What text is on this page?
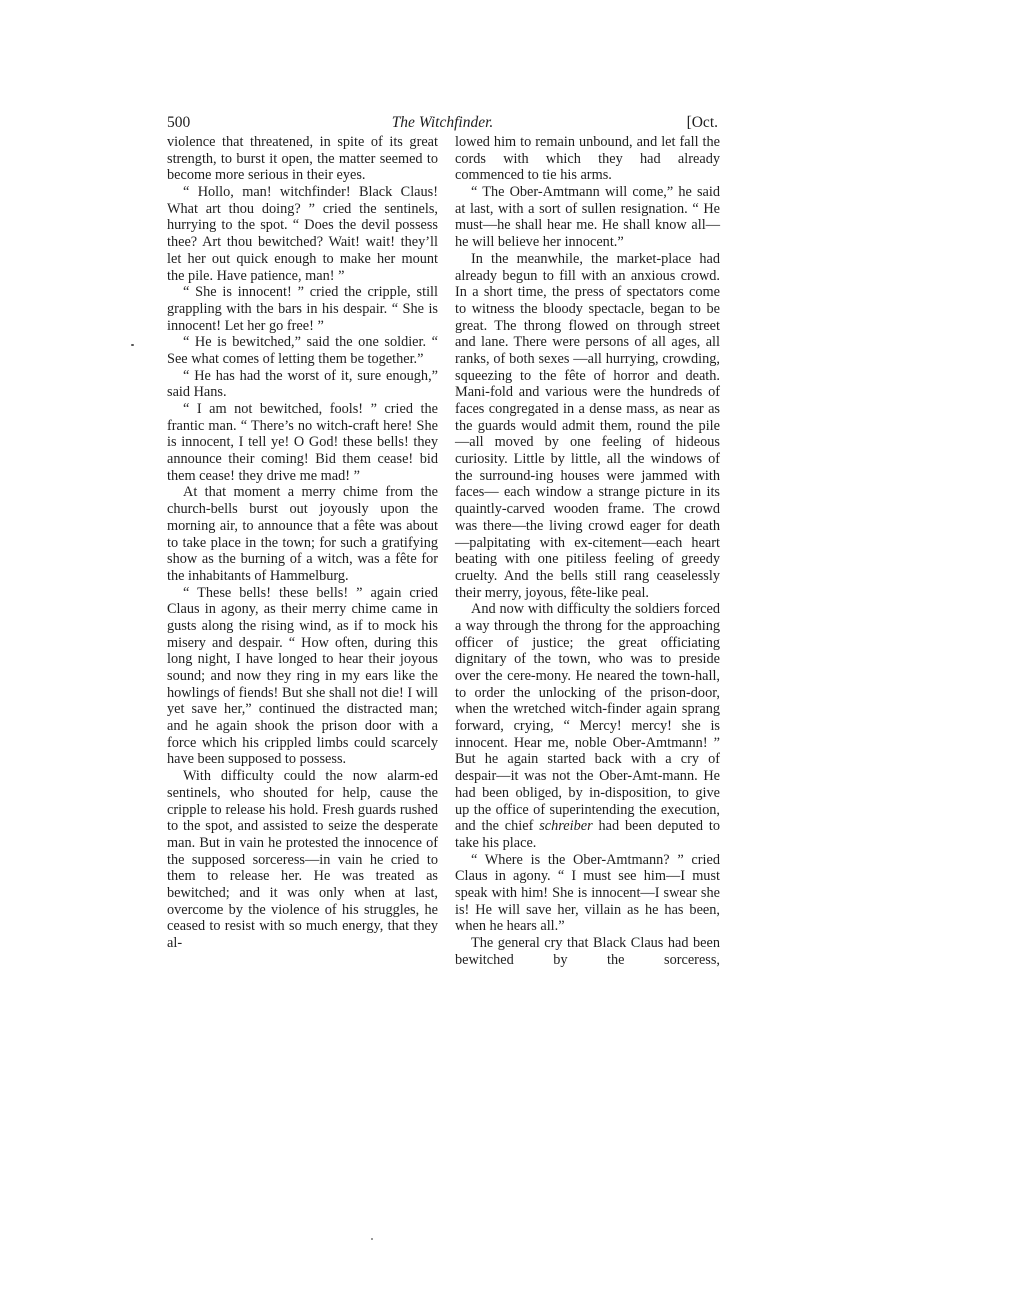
500	The Witchfinder.	[Oct.

violence that threatened, in spite of its great strength, to burst it open, the matter seemed to become more serious in their eyes.

“ Hollo, man! witchfinder! Black Claus! What art thou doing? ” cried the sentinels, hurrying to the spot. “ Does the devil possess thee? Art thou bewitched? Wait! wait! they’ll let her out quick enough to make her mount the pile. Have patience, man! ”

“ She is innocent! ” cried the cripple, still grappling with the bars in his despair. “ She is innocent! Let her go free! ”

“ He is bewitched,” said the one soldier. “ See what comes of letting them be together.”

“ He has had the worst of it, sure enough,” said Hans.

“ I am not bewitched, fools! ” cried the frantic man. “ There’s no witch-craft here! She is innocent, I tell ye! O God! these bells! they announce their coming! Bid them cease! bid them cease! they drive me mad! ”

At that moment a merry chime from the church-bells burst out joyously upon the morning air, to announce that a fête was about to take place in the town; for such a gratifying show as the burning of a witch, was a fête for the inhabitants of Hammelburg.

“ These bells! these bells! ” again cried Claus in agony, as their merry chime came in gusts along the rising wind, as if to mock his misery and despair. “ How often, during this long night, I have longed to hear their joyous sound; and now they ring in my ears like the howlings of fiends! But she shall not die! I will yet save her,” continued the distracted man; and he again shook the prison door with a force which his crippled limbs could scarcely have been supposed to possess.

With difficulty could the now alarm-ed sentinels, who shouted for help, cause the cripple to release his hold. Fresh guards rushed to the spot, and assisted to seize the desperate man. But in vain he protested the innocence of the supposed sorceress—in vain he cried to them to release her. He was treated as bewitched; and it was only when at last, overcome by the violence of his struggles, he ceased to resist with so much energy, that they al-

lowed him to remain unbound, and let fall the cords with which they had already commenced to tie his arms.

“ The Ober-Amtmann will come,” he said at last, with a sort of sullen resignation. “ He must—he shall hear me. He shall know all—he will believe her innocent.”

In the meanwhile, the market-place had already begun to fill with an anxious crowd. In a short time, the press of spectators come to witness the bloody spectacle, began to be great. The throng flowed on through street and lane. There were persons of all ages, all ranks, of both sexes —all hurrying, crowding, squeezing to the fête of horror and death. Mani-fold and various were the hundreds of faces congregated in a dense mass, as near as the guards would admit them, round the pile—all moved by one feeling of hideous curiosity. Little by little, all the windows of the surround-ing houses were jammed with faces— each window a strange picture in its quaintly-carved wooden frame. The crowd was there—the living crowd eager for death—palpitating with ex-citement—each heart beating with one pitiless feeling of greedy cruelty. And the bells still rang ceaselessly their merry, joyous, fête-like peal.

And now with difficulty the soldiers forced a way through the throng for the approaching officer of justice; the great officiating dignitary of the town, who was to preside over the cere-mony. He neared the town-hall, to order the unlocking of the prison-door, when the wretched witch-finder again sprang forward, crying, “ Mercy! mercy! she is innocent. Hear me, noble Ober-Amtmann! ” But he again started back with a cry of despair—it was not the Ober-Amt-mann. He had been obliged, by in-disposition, to give up the office of superintending the execution, and the chief schreiber had been deputed to take his place.

“ Where is the Ober-Amtmann? ” cried Claus in agony. “ I must see him—I must speak with him! She is innocent—I swear she is! He will save her, villain as he has been, when he hears all.”

The general cry that Black Claus had been bewitched by the sorceress,
